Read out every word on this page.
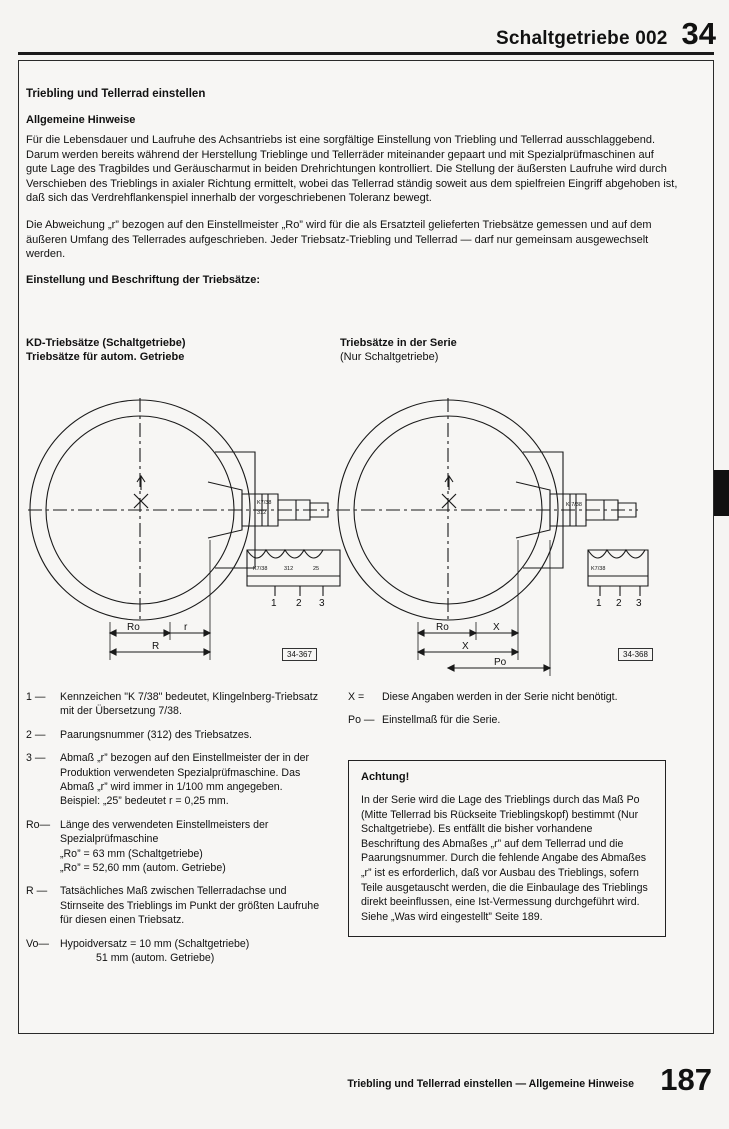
Schaltgetriebe 002 34
Triebling und Tellerrad einstellen
Allgemeine Hinweise

Für die Lebensdauer und Laufruhe des Achsantriebs ist eine sorgfältige Einstellung von Triebling und Tellerrad ausschlaggebend. Darum werden bereits während der Herstellung Trieblinge und Tellerräder miteinander gepaart und mit Spezialprüfmaschinen auf gute Lage des Tragbildes und Geräuscharmut in beiden Drehrichtungen kontrolliert. Die Stellung der äußersten Laufruhe wird durch Verschieben des Trieblings in axialer Richtung ermittelt, wobei das Tellerrad ständig soweit aus dem spielfreien Eingriff abgehoben ist, daß sich das Verdrehflankenspiel innerhalb der vorgeschriebenen Toleranz bewegt.

Die Abweichung „r” bezogen auf den Einstellmeister „Ro” wird für die als Ersatzteil gelieferten Triebsätze gemessen und auf dem äußeren Umfang des Tellerrades aufgeschrieben. Jeder Triebsatz-Triebling und Tellerrad — darf nur gemeinsam ausgewechselt werden.

Einstellung und Beschriftung der Triebsätze:
KD-Triebsätze (Schaltgetriebe)
Triebsätze für autom. Getriebe
Triebsätze in der Serie
(Nur Schaltgetriebe)
K7/38
312
K7/38	312	25
1 2 3
Ro	r
R
K 7/38
K7/38
1 2 3
Ro	X
X
Po
34-367	34-368
1 —	Kennzeichen "K 7/38" bedeutet, Klingelnberg-Triebsatz mit der Übersetzung 7/38.
2 —	Paarungsnummer (312) des Triebsatzes.
3 —	Abmaß „r” bezogen auf den Einstellmeister der in der Produktion verwendeten Spezialprüfmaschine. Das Abmaß „r” wird immer in 1/100 mm angegeben.
Beispiel: „25” bedeutet r = 0,25 mm.
Ro— Länge des verwendeten Einstellmeisters der Spezialprüfmaschine
„Ro” = 63 mm (Schaltgetriebe)
„Ro” = 52,60 mm (autom. Getriebe)
R —	Tatsächliches Maß zwischen Tellerradachse und Stirnseite des Trieblings im Punkt der größten Laufruhe für diesen einen Triebsatz.
Vo—	Hypoidversatz = 10 mm (Schaltgetriebe)
51 mm (autom. Getriebe)
X =	Diese Angaben werden in der Serie nicht benötigt.
Po — Einstellmaß für die Serie.
Achtung!

In der Serie wird die Lage des Trieblings durch das Maß Po (Mitte Tellerrad bis Rückseite Trieblingskopf) bestimmt (Nur Schaltgetriebe). Es entfällt die bisher vorhandene Beschriftung des Abmaßes „r” auf dem Tellerrad und die Paarungsnummer. Durch die fehlende Angabe des Abmaßes „r” ist es erforderlich, daß vor Ausbau des Trieblings, sofern Teile ausgetauscht werden, die die Einbaulage des Trieblings direkt beeinflussen, eine Ist-Vermessung durchgeführt wird. Siehe „Was wird eingestellt” Seite 189.

Triebling und Tellerrad einstellen — Allgemeine Hinweise 187
